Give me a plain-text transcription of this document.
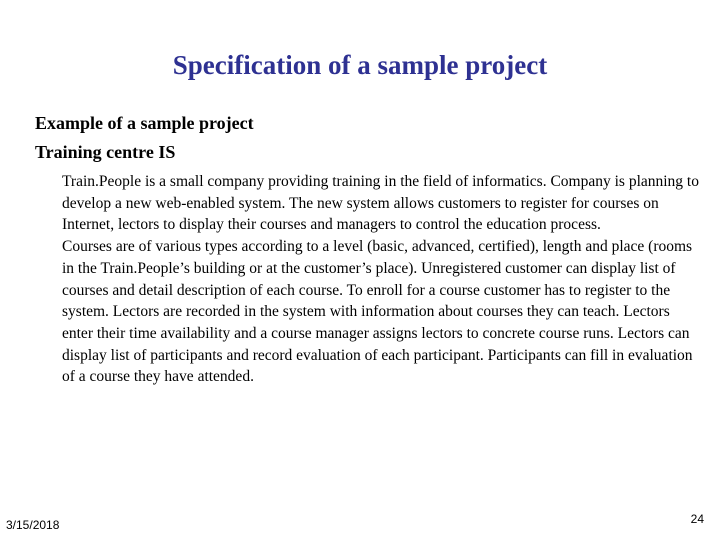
Specification of a sample project
Example of a sample project
Training centre IS

Train.People is a small company providing training in the field of informatics. Company is planning to develop a new web-enabled system. The new system allows customers to register for courses on Internet, lectors to display their courses and managers to control the education process.

Courses are of various types according to a level (basic, advanced, certified), length and place (rooms in the Train.People’s building or at the customer’s place). Unregistered customer can display list of courses and detail description of each course. To enroll for a course customer has to register to the system. Lectors are recorded in the system with information about courses they can teach. Lectors enter their time availability and a course manager assigns lectors to concrete course runs. Lectors can display list of participants and record evaluation of each participant. Participants can fill in evaluation of a course they have attended.

3/15/2018	24
